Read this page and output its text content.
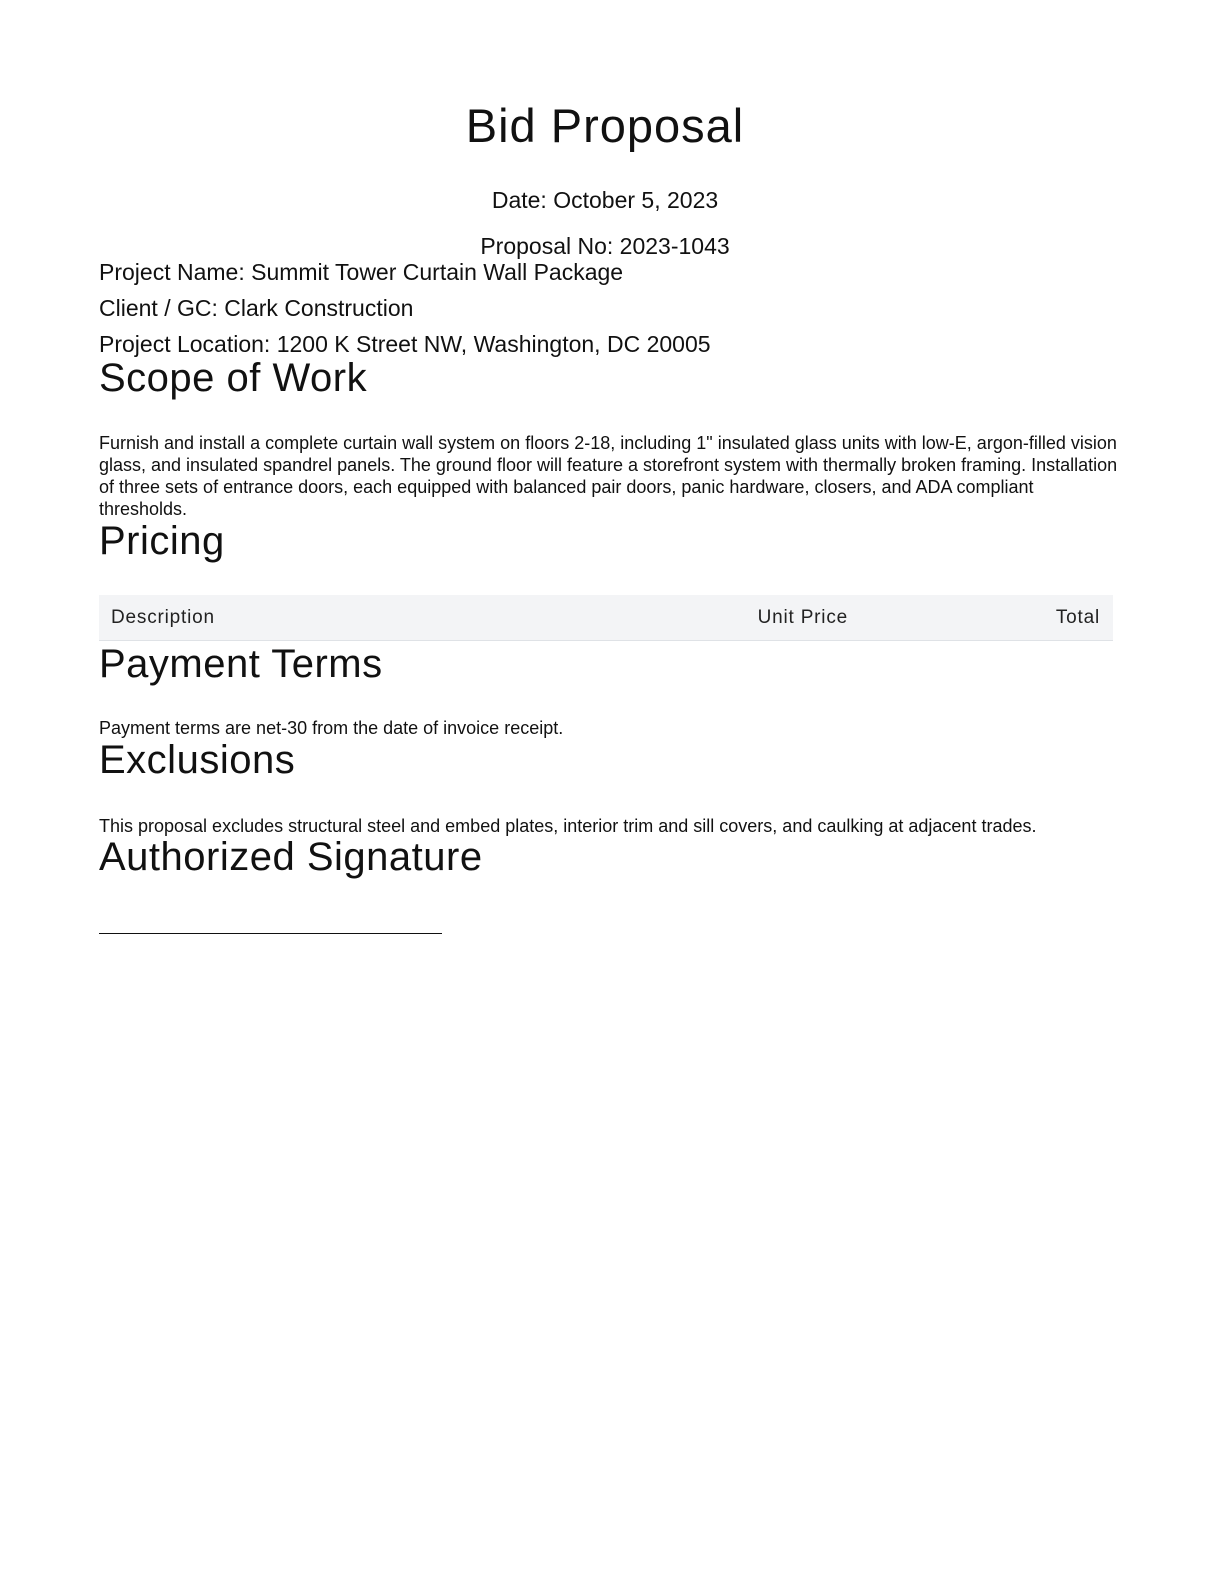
Bid Proposal

Date: October 5, 2023

Proposal No: 2023-1043

Project Name: Summit Tower Curtain Wall Package

Client / GC: Clark Construction

Project Location: 1200 K Street NW, Washington, DC 20005

Scope of Work

Furnish and install a complete curtain wall system on floors 2-18, including 1" insulated glass units with low-E, argon-filled vision glass, and insulated spandrel panels. The ground floor will feature a storefront system with thermally broken framing. Installation of three sets of entrance doors, each equipped with balanced pair doors, panic hardware, closers, and ADA compliant thresholds.

Pricing
Description	Unit Price	Total
Payment Terms

Payment terms are net-30 from the date of invoice receipt.

Exclusions

This proposal excludes structural steel and embed plates, interior trim and sill covers, and caulking at adjacent trades.

Authorized Signature
